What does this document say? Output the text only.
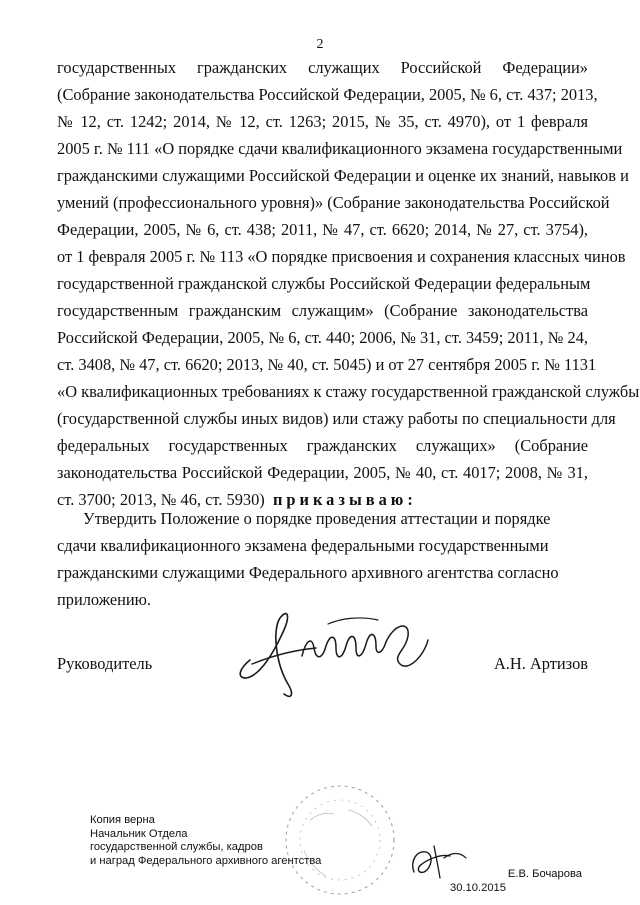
2
государственных гражданских служащих Российской Федерации»
(Собрание законодательства Российской Федерации, 2005, № 6, ст. 437; 2013,
№ 12, ст. 1242; 2014, № 12, ст. 1263; 2015, № 35, ст. 4970), от 1 февраля
2005 г. № 111 «О порядке сдачи квалификационного экзамена государственными
гражданскими служащими Российской Федерации и оценке их знаний, навыков и
умений (профессионального уровня)» (Собрание законодательства Российской
Федерации, 2005, № 6, ст. 438; 2011, № 47, ст. 6620; 2014, № 27, ст. 3754),
от 1 февраля 2005 г. № 113 «О порядке присвоения и сохранения классных чинов
государственной гражданской службы Российской Федерации федеральным
государственным гражданским служащим» (Собрание законодательства
Российской Федерации, 2005, № 6, ст. 440; 2006, № 31, ст. 3459; 2011, № 24,
ст. 3408, № 47, ст. 6620; 2013, № 40, ст. 5045) и от 27 сентября 2005 г. № 1131
«О квалификационных требованиях к стажу государственной гражданской службы
(государственной службы иных видов) или стажу работы по специальности для
федеральных государственных гражданских служащих» (Собрание
законодательства Российской Федерации, 2005, № 40, ст. 4017; 2008, № 31,
ст. 3700; 2013, № 46, ст. 5930) приказываю:

Утвердить Положение о порядке проведения аттестации и порядке сдачи квалификационного экзамена федеральными государственными гражданскими служащими Федерального архивного агентства согласно приложению.

Руководитель	А.Н. Артизов
Копия верна
Начальник Отдела
государственной службы, кадров
и наград Федерального архивного агентства
30.10.2015
Е.В. Бочарова
